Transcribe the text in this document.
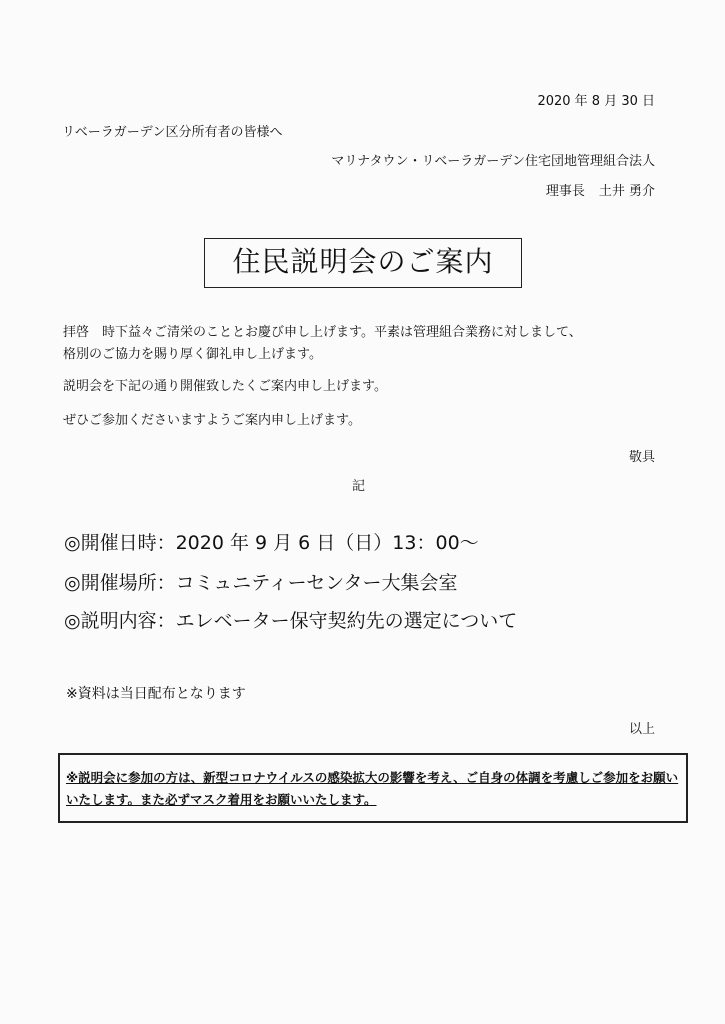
2020 年 8 月 30 日
リベーラガーデン区分所有者の皆様へ
マリナタウン・リベーラガーデン住宅団地管理組合法人
理事長 土井 勇介
住民説明会のご案内
拝啓　時下益々ご清栄のこととお慶び申し上げます。平素は管理組合業務に対しまして、
格別のご協力を賜り厚く御礼申し上げます。
説明会を下記の通り開催致したくご案内申し上げます。
ぜひご参加くださいますようご案内申し上げます。
敬具
記
◎開催日時：2020 年 9 月 6 日（日）13：00～
◎開催場所：コミュニティーセンター大集会室
◎説明内容：エレベーター保守契約先の選定について
※資料は当日配布となります
以上
※説明会に参加の方は、新型コロナウイルスの感染拡大の影響を考え、ご自身の体調を考慮しご参加をお願いいたします。また必ずマスク着用をお願いいたします。
